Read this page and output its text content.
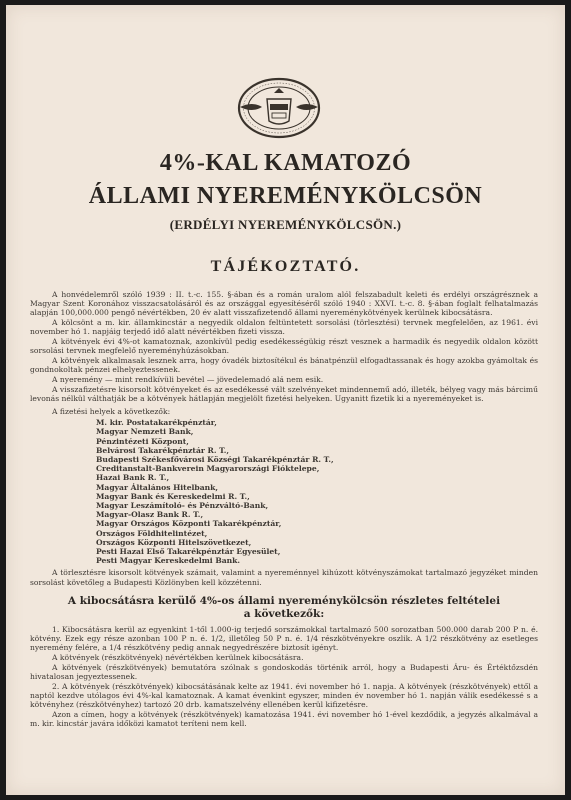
4%-KAL KAMATOZÓ
ÁLLAMI NYEREMÉNYKÖLCSÖN
(ERDÉLYI NYEREMÉNYKÖLCSÖN.)
TÁJÉKOZTATÓ.

A honvédelemről szóló 1939 : II. t.-c. 155. §-ában és a román uralom alól felszabadult keleti és erdélyi országrésznek a Magyar Szent Koronához visszacsatolásáról és az országgal egyesítéséről szóló 1940 : XXVI. t.-c. 8. §-ában foglalt felhatalmazás alapján 100,000.000 pengő névértékben, 20 év alatt visszafizetendő állami nyereménykötvények kerülnek kibocsátásra.

A kölcsönt a m. kir. államkincstár a negyedik oldalon feltüntetett sorsolási (törlesztési) tervnek megfelelően, az 1961. évi november hó 1. napjáig terjedő idő alatt névértékben fizeti vissza.

A kötvények évi 4%-ot kamatoznak, azonkívül pedig esedékességükig részt vesznek a harmadik és negyedik oldalon között sorsolási tervnek megfelelő nyereményhúzásokban.

A kötvények alkalmasak lesznek arra, hogy óvadék biztosítékul és bánatpénzül elfogadtassanak és hogy azokba gyámoltak és gondnokoltak pénzei elhelyeztessenek.

A nyeremény — mint rendkívüli bevétel — jövedelemadó alá nem esik.

A visszafizetésre kisorsolt kötvényeket és az esedékessé vált szelvényeket mindennemű adó, illeték, bélyeg vagy más bárcimű levonás nélkül válthatják be a kötvények hátlapján megjelölt fizetési helyeken. Ugyanitt fizetik ki a nyereményeket is.

A fizetési helyek a következők:

M. kir. Postatakarékpénztár,
Magyar Nemzeti Bank,
Pénzintézeti Központ,
Belvárosi Takarékpénztár R. T.,
Budapesti Székesfővárosi Községi Takarékpénztár R. T.,
Creditanstalt-Bankverein Magyarországi Fióktelepe,
Hazai Bank R. T.,
Magyar Általános Hitelbank,
Magyar Bank és Kereskedelmi R. T.,
Magyar Leszámítoló- és Pénzváltó-Bank,
Magyar-Olasz Bank R. T.,
Magyar Országos Központi Takarékpénztár,
Országos Földhitelintézet,
Országos Központi Hitelszövetkezet,
Pesti Hazai Első Takarékpénztár Egyesület,
Pesti Magyar Kereskedelmi Bank.

A törlesztésre kisorsolt kötvények számait, valamint a nyereménnyel kihúzott kötvényszámokat tartalmazó jegyzéket minden sorsolást követőleg a Budapesti Közlönyben kell közzétenni.

A kibocsátásra kerülő 4%-os állami nyereménykölcsön részletes feltételei
a következők:

1. Kibocsátásra kerül az egyenkint 1-től 1.000-ig terjedő sorszámokkal tartalmazó 500 sorozatban 500.000 darab 200 P n. é. kötvény. Ezek egy része azonban 100 P n. é. 1/2, illetőleg 50 P n. é. 1/4 részkötvényekre oszlik. A 1/2 részkötvény az esetleges nyeremény felére, a 1/4 részkötvény pedig annak negyedrészére biztosít igényt.

A kötvények (részkötvények) névértékben kerülnek kibocsátásra.

A kötvények (részkötvények) bemutatóra szólnak s gondoskodás történik arról, hogy a Budapesti Áru- és Értéktőzsdén hivatalosan jegyeztessenek.

2. A kötvények (részkötvények) kibocsátásának kelte az 1941. évi november hó 1. napja. A kötvények (részkötvények) ettől a naptól kezdve utólagos évi 4%-kal kamatoznak. A kamat évenkint egyszer, minden év november hó 1. napján válik esedékessé s a kötvényhez (részkötvényhez) tartozó 20 drb. kamatszelvény ellenében kerül kifizetésre.

Azon a címen, hogy a kötvények (részkötvények) kamatozása 1941. évi november hó 1-ével kezdődik, a jegyzés alkalmával a m. kir. kincstár javára időközi kamatot teríteni nem kell.
